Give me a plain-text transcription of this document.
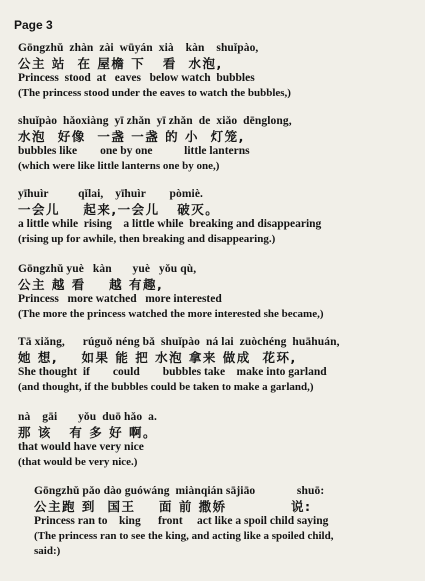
Page 3
Gōngzhǔ  zhàn  zài  wūyán  xià    kàn    shuǐpào,
公主 站  在 屋檐 下   看  水泡,
Princess  stood  at   eaves   below watch  bubbles
(The princess stood under the eaves to watch the bubbles,)
shuǐpào  hǎoxiàng  yī zhǎn  yī zhǎn  de  xiǎo  dēnglong,
水泡  好像  一盏 一盏 的 小  灯笼,
bubbles like        one by one           little lanterns
(which were like little lanterns one by one,)
yīhuìr          qǐlai,    yīhuìr        pòmiè.
一会儿    起来,一会儿   破灭。
a little while  rising    a little while  breaking and disappearing
(rising up for awhile, then breaking and disappearing.)
Gōngzhǔ yuè   kàn       yuè   yǒu qù,
公主 越 看    越 有趣,
Princess   more watched   more interested
(The more the princess watched the more interested she became,)
Tā xiǎng,      rúguǒ néng bǎ  shuǐpào  ná lai  zuòchéng  huāhuán,
她 想,    如果 能 把 水泡 拿来 做成  花环,
She thought  if        could        bubbles take    make into garland
(and thought, if the bubbles could be taken to make a garland,)
nà    gāi       yǒu  duō hǎo  a.
那 该   有 多 好 啊。
that would have very nice
(that would be very nice.)
Gōngzhǔ pǎo dào guówáng  miànqián sājiāo              shuō:
公主跑 到  国王    面 前 撒娇           说:
Princess ran to    king      front     act like a spoil child saying
(The princess ran to see the king, and acting like a spoiled child,
said:)
